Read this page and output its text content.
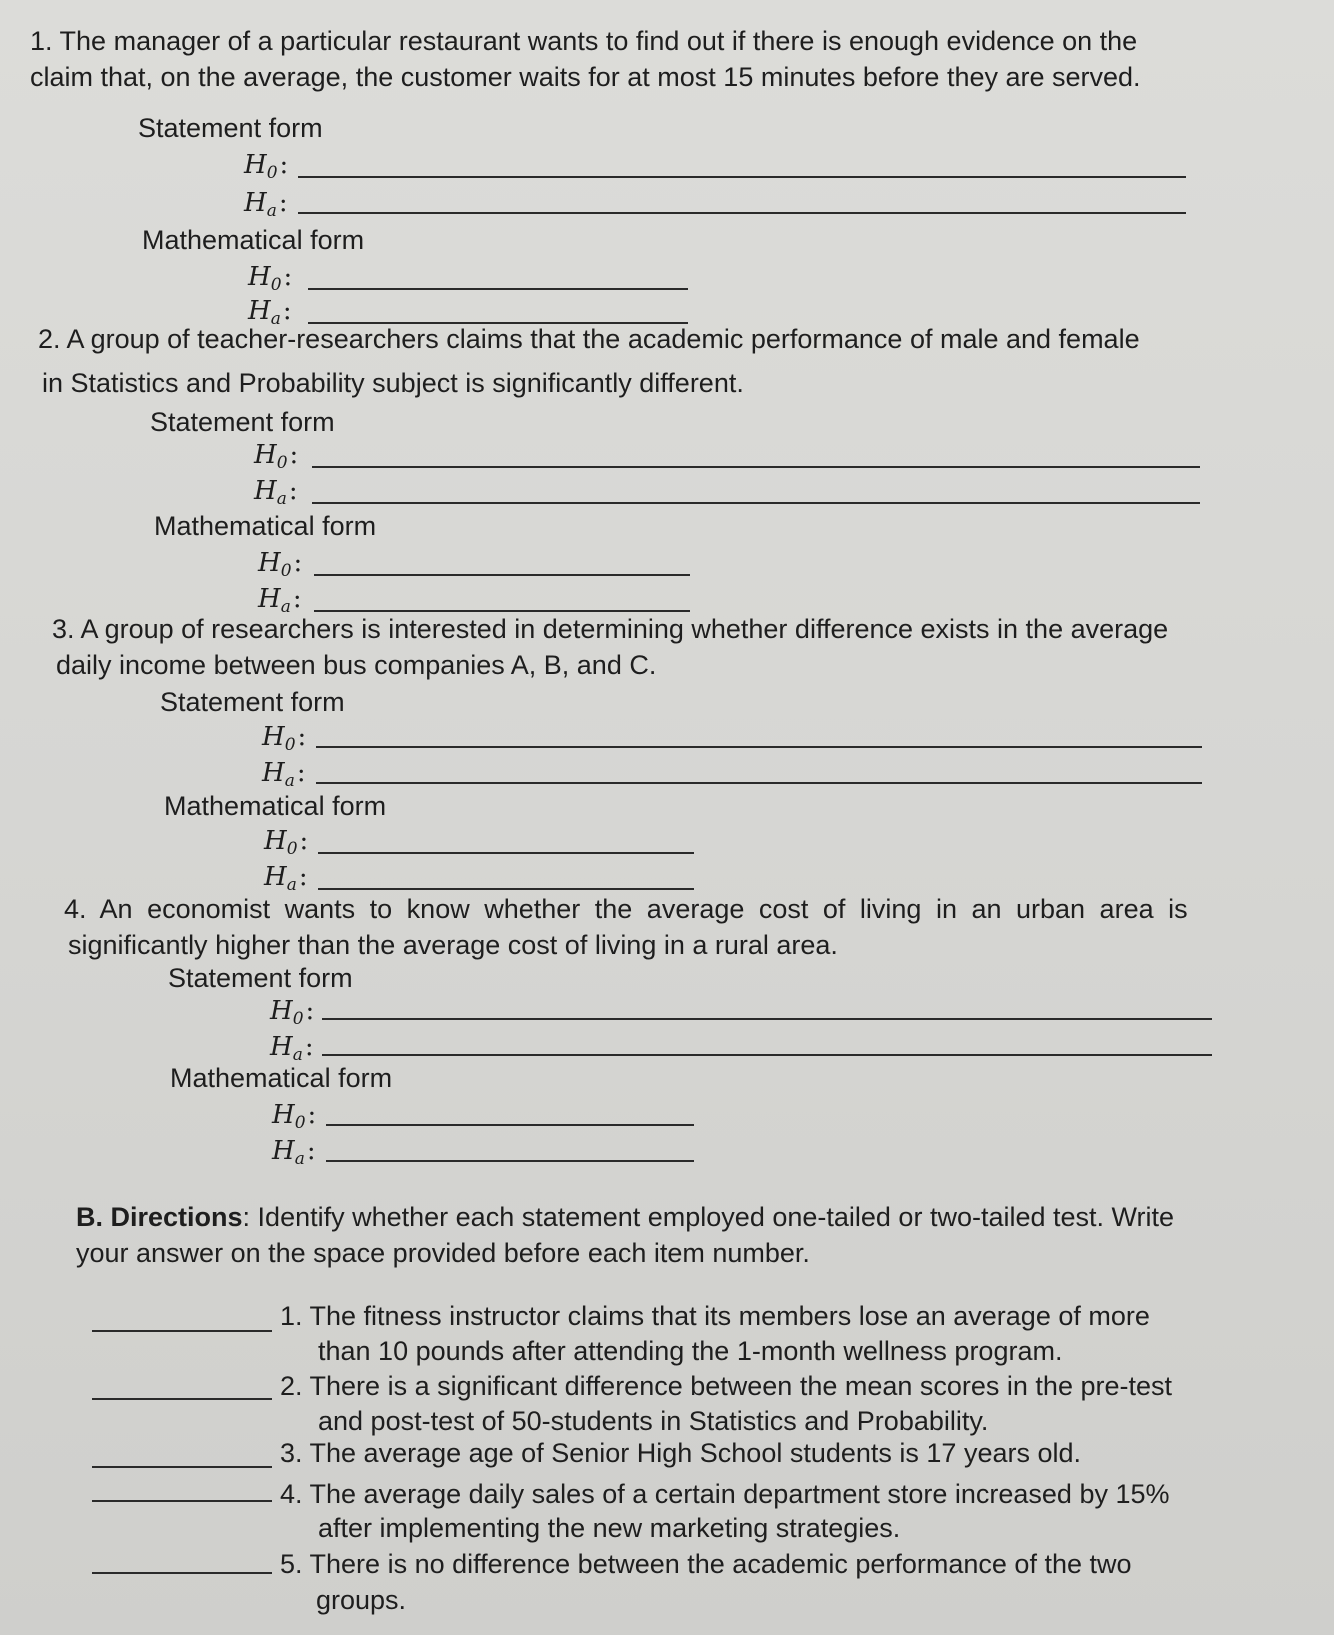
1. The manager of a particular restaurant wants to find out if there is enough evidence on the
claim that, on the average, the customer waits for at most 15 minutes before they are served.
Statement form
$H_0$:
$H_a$:
Mathematical form
$H_0$:
$H_a$:
2. A group of teacher-researchers claims that the academic performance of male and female
in Statistics and Probability subject is significantly different.
Statement form
$H_0$:
$H_a$:
Mathematical form
$H_0$:
$H_a$:
3. A group of researchers is interested in determining whether difference exists in the average
daily income between bus companies A, B, and C.
Statement form
$H_0$:
$H_a$:
Mathematical form
$H_0$:
$H_a$:
4. An economist wants to know whether the average cost of living in an urban area is
significantly higher than the average cost of living in a rural area.
Statement form
$H_0$:
$H_a$:
Mathematical form
$H_0$:
$H_a$:
B. Directions: Identify whether each statement employed one-tailed or two-tailed test. Write
your answer on the space provided before each item number.
1. The fitness instructor claims that its members lose an average of more
than 10 pounds after attending the 1-month wellness program.
2. There is a significant difference between the mean scores in the pre-test
and post-test of 50-students in Statistics and Probability.
3. The average age of Senior High School students is 17 years old.
4. The average daily sales of a certain department store increased by 15%
after implementing the new marketing strategies.
5. There is no difference between the academic performance of the two
groups.
